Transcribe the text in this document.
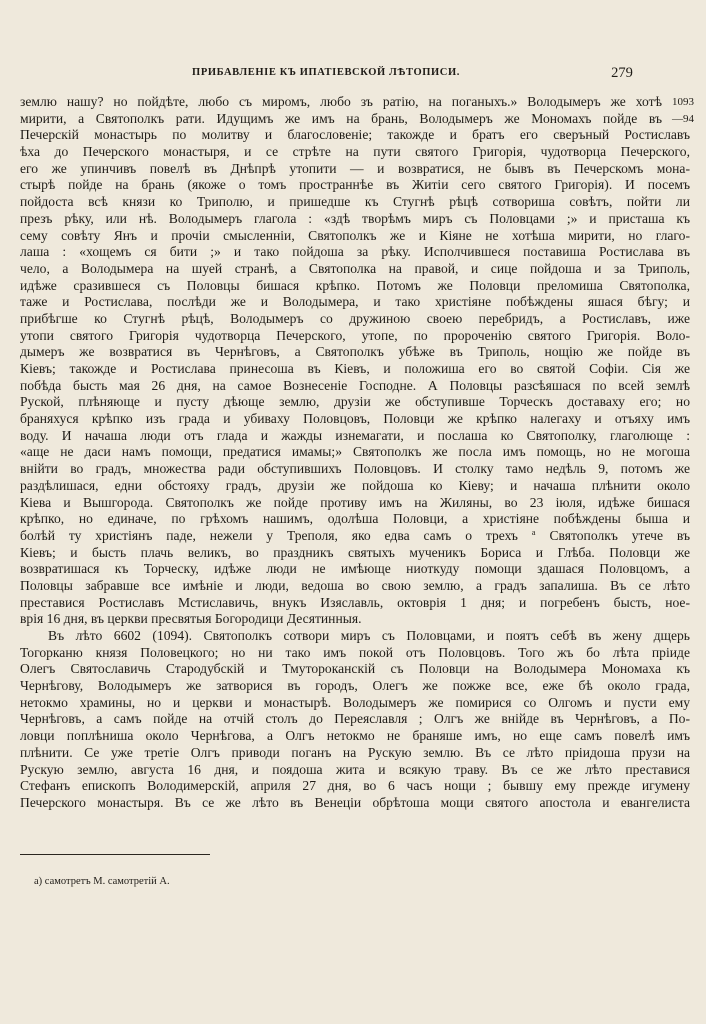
ПРИБАВЛЕНІЕ КЪ ИПАТІЕВСКОЙ ЛѢТОПИСИ.	279
1093
—94
землю нашу? но пойдѣте, любо съ миромъ, любо зъ ратію, на поганыхъ.» Володымеръ же хотѣ
мирити, а Святополкъ рати. Идущимъ же имъ на брань, Володымеръ же Мономахъ пойде въ
Печерскій монастырь по молитву и благословеніе; такожде и братъ его сверъный Ростиславъ
ѣха до Печерского монастыря, и се стрѣте на пути святого Григорія, чудотворца Печерского,
его же упинчивъ повелѣ въ Днѣпрѣ утопити — и возвратися, не бывъ въ Печерскомъ мона-
стырѣ пойде на брань (якоже о томъ пространнѣе въ Житіи сего святого Григорія). И посемъ
пойдоста всѣ князи ко Триполю, и пришедше къ Стугнѣ рѣцѣ сотвориша совѣтъ, пойти ли
презъ рѣку, или нѣ. Володымеръ глагола : «здѣ творѣмъ миръ съ Половцами ;» и присташа къ
сему совѣту Янъ и прочіи смысленніи, Святополкъ же и Кіяне не хотѣша мирити, но глаго-
лаша : «хощемъ ся бити ;» и тако пойдоша за рѣку. Исполчившеся поставиша Ростислава въ
чело, а Володымера на шуей странѣ, а Святополка на правой, и сице пойдоша и за Триполь,
идѣже сразившеся съ Половцы бишася крѣпко. Потомъ же Половци преломиша Святополка,
таже и Ростислава, послѣди же и Володымера, и тако христіяне побѣждены яшася бѣгу; и
прибѣгше ко Стугнѣ рѣцѣ, Володымеръ со дружиною своею перебридъ, а Ростиславъ, иже
утопи святого Григорія чудотворца Печерского, утопе, по пророченію святого Григорія. Воло-
дымеръ же возвратися въ Чернѣговъ, а Святополкъ убѣже въ Триполь, нощію же пойде въ
Кіевъ; такожде и Ростислава принесоша въ Кіевъ, и положиша его во святой Софіи. Сія же
побѣда бысть мая 26 дня, на самое Вознесеніе Господне. А Половцы разсѣяшася по всей землѣ
Руской, плѣняюще и пусту дѣюще землю, друзіи же обступивше Торческъ доставаху его; но
браняхуся крѣпко изъ града и убиваху Половцовъ, Половци же крѣпко налегаху и отъяху имъ
воду. И начаша люди отъ глада и жажды изнемагати, и послаша ко Святополку, глаголюще :
«аще не даси намъ помощи, предатися имамы;» Святополкъ же посла имъ помощь, но не могоша
внійти во градъ, множества ради обступившихъ Половцовъ. И столку тамо недѣль 9, потомъ же
раздѣлишася, едни обстояху градъ, друзіи же пойдоша ко Кіеву; и начаша плѣнити около
Кіева и Вышгорода. Святополкъ же пойде противу имъ на Жиляны, во 23 іюля, идѣже бишася
крѣпко, но единаче, по грѣхомъ нашимъ, одолѣша Половци, а христіяне побѣждены быша и
болѣй ту христіянъ паде, нежели у Треполя, яко едва самъ о трехъ $^а$ Святополкъ утече въ
Кіевъ; и бысть плачь великъ, во праздникъ святыхъ мученикъ Бориса и Глѣба. Половци же
возвратишася къ Торческу, идѣже люди не имѣюще ниоткуду помощи здашася Половцомъ, а
Половцы забравше все имѣніе и люди, ведоша во свою землю, а градъ запалиша. Въ се лѣто
преставися Ростиславъ Мстиславичь, внукъ Изяславль, октоврія 1 дня; и погребенъ бысть, ное-
врія 16 дня, въ церкви пресвятыя Богородици Десятинныя.
Въ лѣто 6602 (1094). Святополкъ сотвори миръ съ Половцами, и поятъ себѣ въ жену дщерь
Тогорканю князя Половецкого; но ни тако имъ покой отъ Половцовъ. Того жъ бо лѣта пріиде
Олегъ Святославичь Стародубскій и Тмутороканскій съ Половци на Володымера Мономаха къ
Чернѣгову, Володымеръ же затворися въ городъ, Олегъ же пожже все, еже бѣ около града,
нетокмо храмины, но и церкви и монастырѣ. Володымеръ же помирися со Олгомъ и пусти ему
Чернѣговъ, а самъ пойде на отчій столъ до Переяславля ; Олгъ же внійде въ Чернѣговъ, а По-
ловци поплѣниша около Чернѣгова, а Олгъ нетокмо не браняше имъ, но еще самъ повелѣ имъ
плѣнити. Се уже третіе Олгъ приводи поганъ на Рускую землю. Въ се лѣто пріидоша прузи на
Рускую землю, августа 16 дня, и поядоша жита и всякую траву. Въ се же лѣто преставися
Стефанъ епископъ Володимерскій, априля 27 дня, во 6 часъ нощи ; бывшу ему прежде игумену
Печерского монастыря. Въ се же лѣто въ Венеціи обрѣтоша мощи святого апостола и евангелиста
а) самотретъ М. самотретій А.
